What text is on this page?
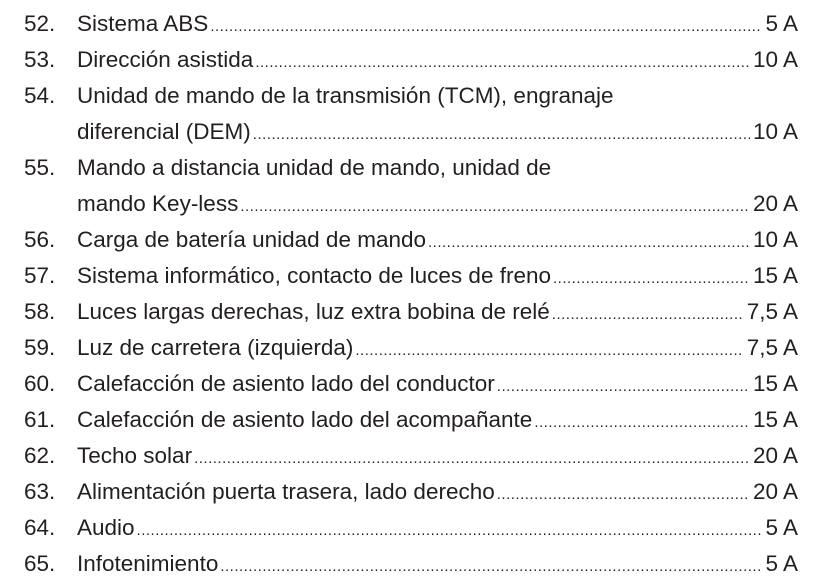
52. Sistema ABS .....	5 A
53. Dirección asistida .....	10 A
54. Unidad de mando de la transmisión (TCM), engranaje
diferencial (DEM) .....	10 A
55. Mando a distancia unidad de mando, unidad de
mando Key-less .....	20 A
56. Carga de batería unidad de mando .....	10 A
57. Sistema informático, contacto de luces de freno .....	15 A
58. Luces largas derechas, luz extra bobina de relé .....	7,5 A
59. Luz de carretera (izquierda) .....	7,5 A
60. Calefacción de asiento lado del conductor .....	15 A
61. Calefacción de asiento lado del acompañante .....	15 A
62. Techo solar .....	20 A
63. Alimentación puerta trasera, lado derecho .....	20 A
64. Audio .....	5 A
65. Infotenimiento .....	5 A
